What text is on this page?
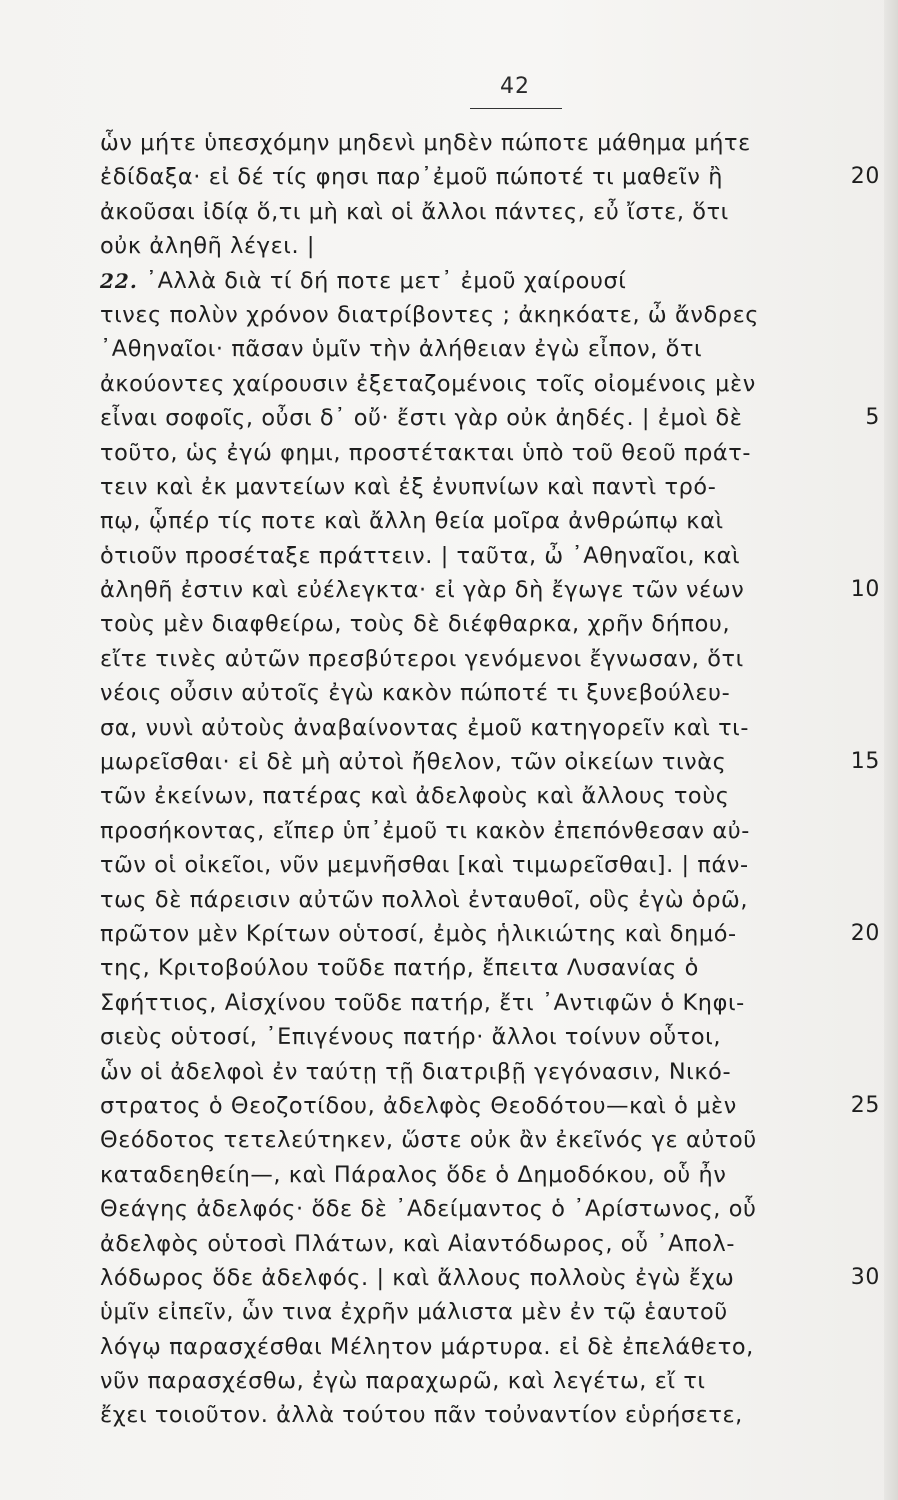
42
ὧν μήτε ὑπεσχόμην μηδενὶ μηδὲν πώποτε μάθημα μήτε
ἐδίδαξα· εἰ δέ τίς φησι παρ᾽ἐμοῦ πώποτέ τι μαθεῖν ἢ	20
ἀκοῦσαι ἰδίᾳ ὅ,τι μὴ καὶ οἱ ἄλλοι πάντες, εὖ ἴστε, ὅτι
οὐκ ἀληθῆ λέγει. |
22. ᾽Αλλὰ διὰ τί δή ποτε μετ᾽ ἐμοῦ χαίρουσί
τινες πολὺν χρόνον διατρίβοντες ; ἀκηκόατε, ὦ ἄνδρες
᾽Αθηναῖοι· πᾶσαν ὑμῖν τὴν ἀλήθειαν ἐγὼ εἶπον, ὅτι
ἀκούοντες χαίρουσιν ἐξεταζομένοις τοῖς οἰομένοις μὲν
εἶναι σοφοῖς, οὖσι δ᾽ οὔ· ἔστι γὰρ οὐκ ἀηδές. | ἐμοὶ δὲ	5
τοῦτο, ὡς ἐγώ φημι, προστέτακται ὑπὸ τοῦ θεοῦ πράτ-
τειν καὶ ἐκ μαντείων καὶ ἐξ ἐνυπνίων καὶ παντὶ τρό-
πῳ, ᾧπέρ τίς ποτε καὶ ἄλλη θεία μοῖρα ἀνθρώπῳ καὶ
ὁτιοῦν προσέταξε πράττειν. | ταῦτα, ὦ ᾽Αθηναῖοι, καὶ
ἀληθῆ ἐστιν καὶ εὐέλεγκτα· εἰ γὰρ δὴ ἔγωγε τῶν νέων	10
τοὺς μὲν διαφθείρω, τοὺς δὲ διέφθαρκα, χρῆν δήπου,
εἴτε τινὲς αὐτῶν πρεσβύτεροι γενόμενοι ἔγνωσαν, ὅτι
νέοις οὖσιν αὐτοῖς ἐγὼ κακὸν πώποτέ τι ξυνεβούλευ-
σα, νυνὶ αὐτοὺς ἀναβαίνοντας ἐμοῦ κατηγορεῖν καὶ τι-
μωρεῖσθαι· εἰ δὲ μὴ αὐτοὶ ἤθελον, τῶν οἰκείων τινὰς	15
τῶν ἐκείνων, πατέρας καὶ ἀδελφοὺς καὶ ἄλλους τοὺς
προσήκοντας, εἴπερ ὑπ᾽ἐμοῦ τι κακὸν ἐπεπόνθεσαν αὐ-
τῶν οἱ οἰκεῖοι, νῦν μεμνῆσθαι [καὶ τιμωρεῖσθαι]. | πάν-
τως δὲ πάρεισιν αὐτῶν πολλοὶ ἐνταυθοῖ, οὓς ἐγὼ ὁρῶ,
πρῶτον μὲν Κρίτων οὑτοσί, ἐμὸς ἡλικιώτης καὶ δημό-	20
της, Κριτοβούλου τοῦδε πατήρ, ἔπειτα Λυσανίας ὁ
Σφήττιος, Αἰσχίνου τοῦδε πατήρ, ἔτι ᾽Αντιφῶν ὁ Κηφι-
σιεὺς οὑτοσί, ᾽Επιγένους πατήρ· ἄλλοι τοίνυν οὗτοι,
ὧν οἱ ἀδελφοὶ ἐν ταύτῃ τῇ διατριβῇ γεγόνασιν, Νικό-
στρατος ὁ Θεοζοτίδου, ἀδελφὸς Θεοδότου—καὶ ὁ μὲν	25
Θεόδοτος τετελεύτηκεν, ὥστε οὐκ ἂν ἐκεῖνός γε αὐτοῦ
καταδεηθείη—, καὶ Πάραλος ὅδε ὁ Δημοδόκου, οὗ ἦν
Θεάγης ἀδελφός· ὅδε δὲ ᾽Αδείμαντος ὁ ᾽Αρίστωνος, οὗ
ἀδελφὸς οὑτοσὶ Πλάτων, καὶ Αἰαντόδωρος, οὗ ᾽Απολ-
λόδωρος ὅδε ἀδελφός. | καὶ ἄλλους πολλοὺς ἐγὼ ἔχω	30
ὑμῖν εἰπεῖν, ὧν τινα ἐχρῆν μάλιστα μὲν ἐν τῷ ἑαυτοῦ
λόγῳ παρασχέσθαι Μέλητον μάρτυρα. εἰ δὲ ἐπελάθετο,
νῦν παρασχέσθω, ἐγὼ παραχωρῶ, καὶ λεγέτω, εἴ τι
ἔχει τοιοῦτον. ἀλλὰ τούτου πᾶν τοὐναντίον εὑρήσετε,
